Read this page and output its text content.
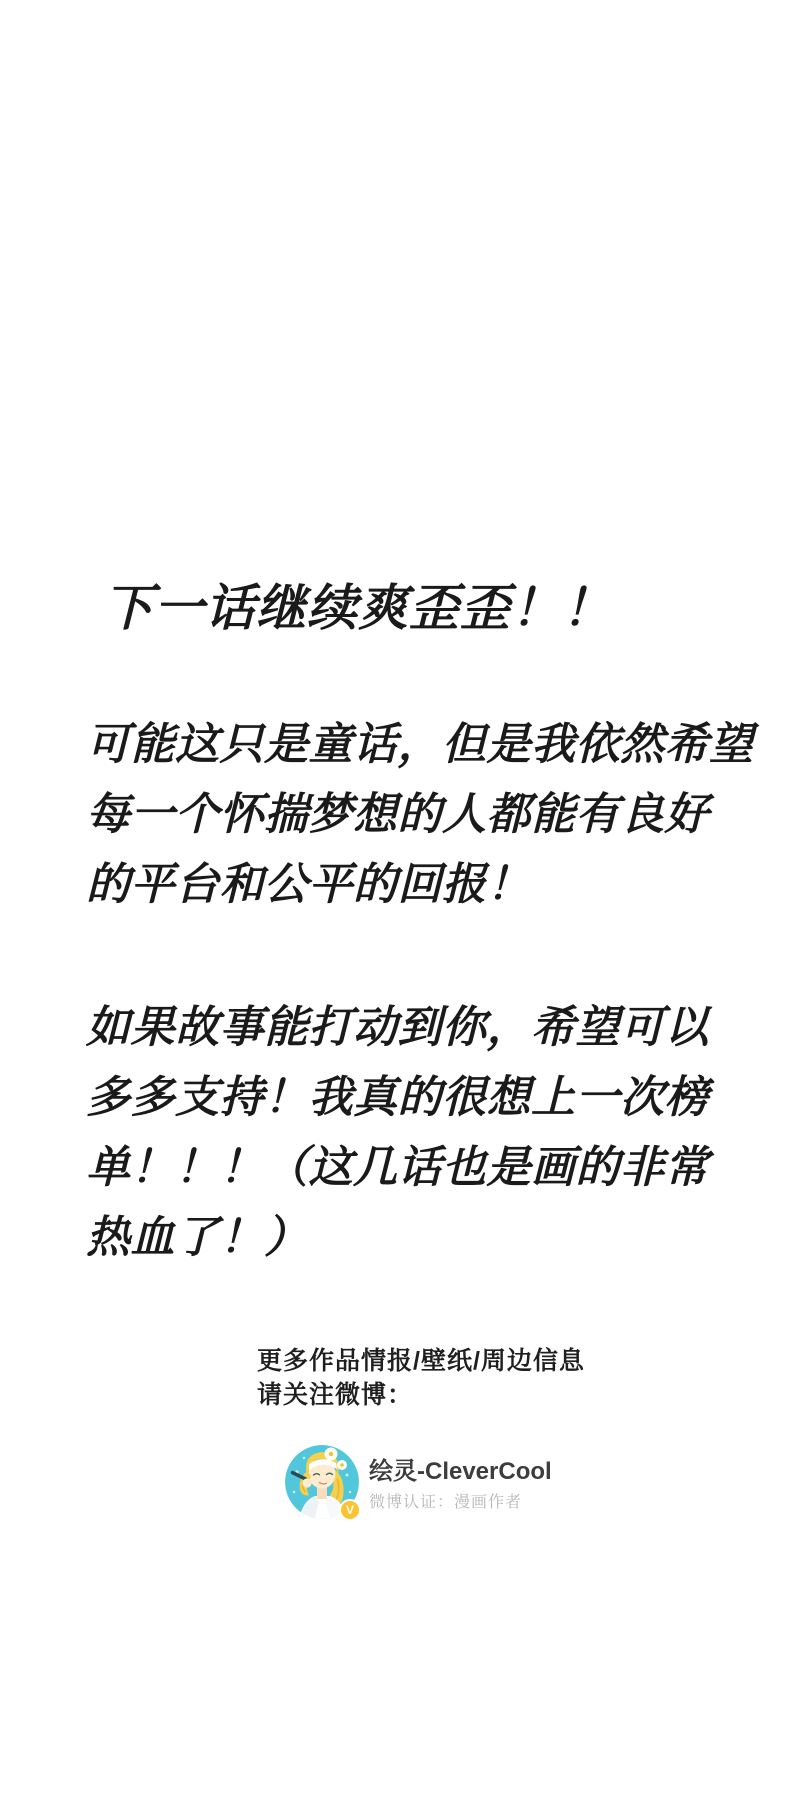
下一话继续爽歪歪！！
可能这只是童话，但是我依然希望
每一个怀揣梦想的人都能有良好
的平台和公平的回报！
如果故事能打动到你，希望可以
多多支持！我真的很想上一次榜
单！！！（这几话也是画的非常
热血了！）
更多作品情报/壁纸/周边信息
请关注微博：
V
绘灵-CleverCool
微博认证：漫画作者
